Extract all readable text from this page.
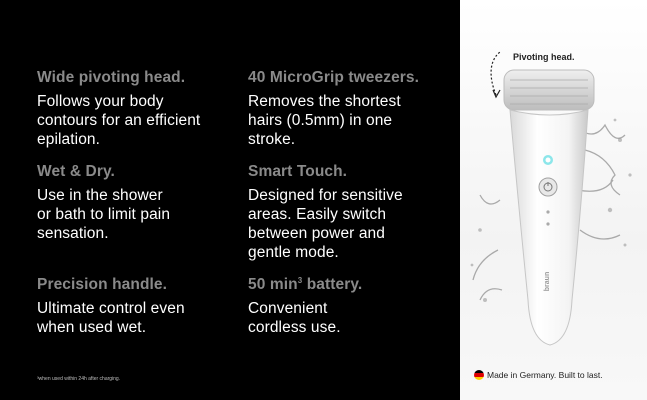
Wide pivoting head.

Follows your body
contours for an efficient
epilation.

40 MicroGrip tweezers.

Removes the shortest
hairs (0.5mm) in one
stroke.

Wet & Dry.

Use in the shower
or bath to limit pain
sensation.

Smart Touch.

Designed for sensitive
areas. Easily switch
between power and
gentle mode.

Precision handle.

Ultimate control even
when used wet.

50 $\min^3$ battery.

Convenient
cordless use.

³when used within 24h after charging.
Pivoting head.
braun
Made in Germany. Built to last.
